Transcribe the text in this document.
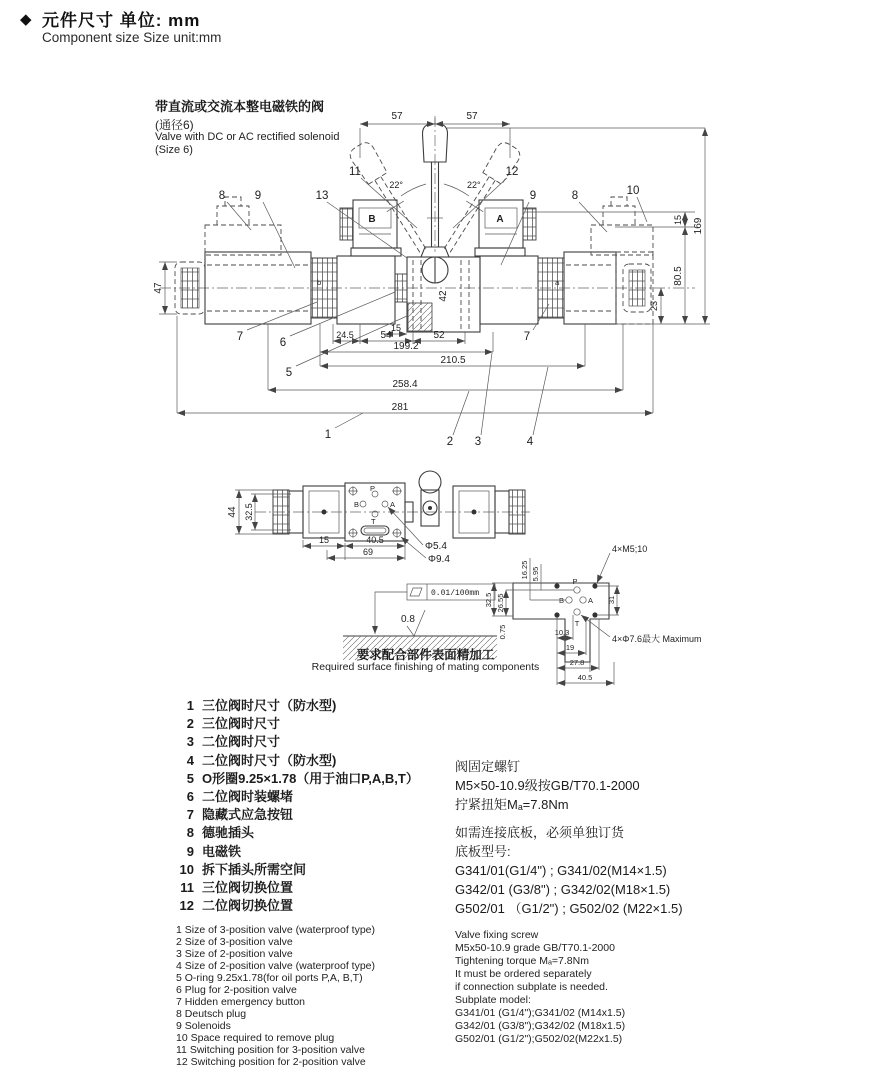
◆ 元件尺寸 单位: mm
Component size Size unit:mm
带直流或交流本整电磁铁的阀
(通径6)
Valve with DC or AC rectified solenoid
(Size 6)
B
42
22°	22°
57	57
A
b	a
47
15
80.5
169
23
15
24.5	54	52
199.2
210.5
258.4
281
8	9	13
11	12
9	8	10
7	6
5
7
1
2 3	4
44 32.5
P
B	A
T
15	40.5
69	Φ5.4
Φ9.4
0.01/100mm
0.8
要求配合部件表面精加工
Required surface finishing of mating components
P
B	A
T
32.5 26.55
0.75
16.25 5.95
31
10.3
19
27.8
40.5
4×M5;10
4×Φ7.6最大 Maximum
1 三位阀时尺寸（防水型)
2 三位阀时尺寸
3 二位阀时尺寸
4 二位阀时尺寸（防水型)
5 O形圈9.25×1.78（用于油口P,A,B,T）
6 二位阀时装螺堵
7 隐藏式应急按钮
8 德驰插头
9 电磁铁
10 拆下插头所需空间
11 三位阀切换位置
12 二位阀切换位置
1 Size of 3-position valve (waterproof type)
2 Size of 3-position valve
3 Size of 2-position valve
4 Size of 2-position valve (waterproof type)
5 O-ring 9.25x1.78(for oil ports P,A, B,T)
6 Plug for 2-position valve
7 Hidden emergency button
8 Deutsch plug
9 Solenoids
10 Space required to remove plug
11 Switching position for 3-position valve
12 Switching position for 2-position valve
阀固定螺钉
M5×50-10.9级按GB/T70.1-2000
拧紧扭矩Mₐ=7.8Nm
如需连接底板，必须单独订货
底板型号:
G341/01(G1/4") ; G341/02(M14×1.5)
G342/01 (G3/8") ; G342/02(M18×1.5)
G502/01 （G1/2") ; G502/02 (M22×1.5)
Valve fixing screw
M5x50-10.9 grade GB/T70.1-2000
Tightening torque Mₐ=7.8Nm
It must be ordered separately
if connection subplate is needed.
Subplate model:
G341/01 (G1/4");G341/02 (M14x1.5)
G342/01 (G3/8");G342/02 (M18x1.5)
G502/01 (G1/2");G502/02(M22x1.5)
